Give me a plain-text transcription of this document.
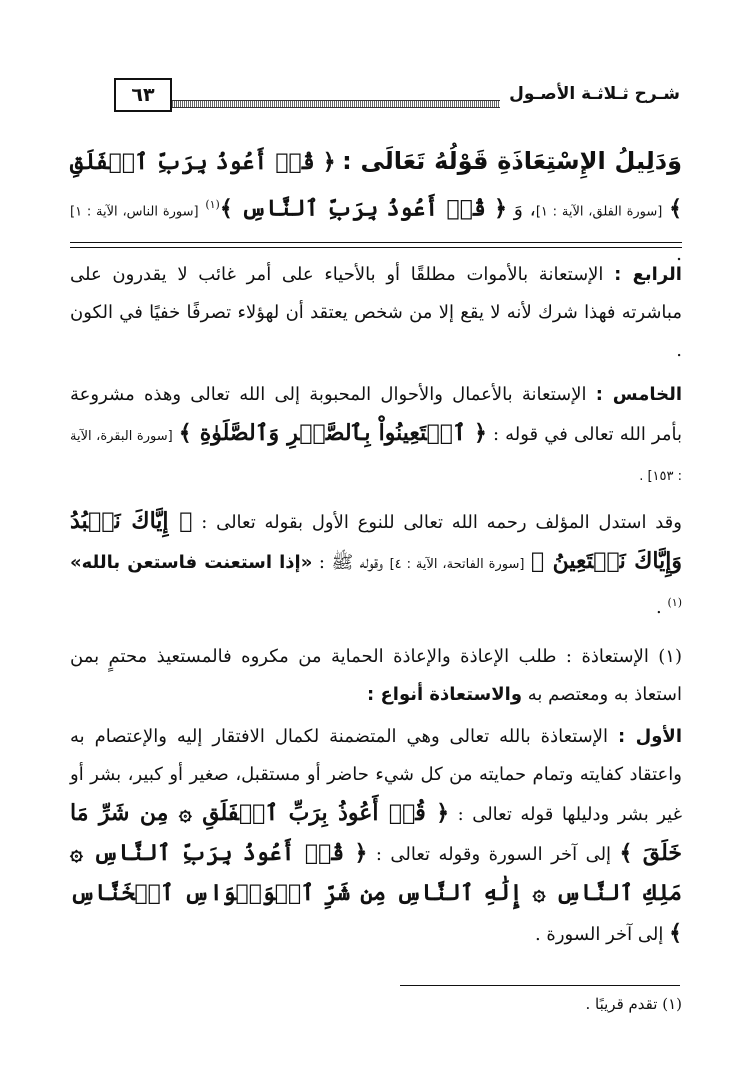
شـرح ثـلاثـة الأصـول
٦٣
وَدَلِيلُ الإِسْتِعَاذَةِ قَوْلُهُ تَعَالَى : ﴿ قُلۡ أَعُوذُ بِرَبِّ ٱلۡفَلَقِ ﴾ [سورة الفلق، الآية : ١]، وَ ﴿ قُلۡ أَعُوذُ بِرَبِّ ٱلنَّاسِ ﴾$^{(١)}$ [سورة الناس، الآية : ١] .

الرابع : الإستعانة بالأموات مطلقًا أو بالأحياء على أمر غائب لا يقدرون على مباشرته فهذا شرك لأنه لا يقع إلا من شخص يعتقد أن لهؤلاء تصرفًا خفيًا في الكون .

الخامس : الإستعانة بالأعمال والأحوال المحبوبة إلى الله تعالى وهذه مشروعة بأمر الله تعالى في قوله : ﴿ ٱسۡتَعِينُواْ بِٱلصَّبۡرِ وَٱلصَّلَوٰةِ ﴾ [سورة البقرة، الآية : ١٥٣] .

وقد استدل المؤلف رحمه الله تعالى للنوع الأول بقوله تعالى : ﴿ إِيَّاكَ نَعۡبُدُ وَإِيَّاكَ نَسۡتَعِينُ ﴾ [سورة الفاتحة، الآية : ٤] وقوله ﷺ : «إذا استعنت فاستعن بالله» $^{(١)}$ .

(١) الإستعاذة : طلب الإعاذة والإعاذة الحماية من مكروه فالمستعيذ محتمٍ بمن استعاذ به ومعتصم به والاستعاذة أنواع :

الأول : الإستعاذة بالله تعالى وهي المتضمنة لكمال الافتقار إليه والإعتصام به واعتقاد كفايته وتمام حمايته من كل شيء حاضر أو مستقبل، صغير أو كبير، بشر أو غير بشر ودليلها قوله تعالى : ﴿ قُلۡ أَعُوذُ بِرَبِّ ٱلۡفَلَقِ ۞ مِن شَرِّ مَا خَلَقَ ﴾ إلى آخر السورة وقوله تعالى : ﴿ قُلۡ أَعُوذُ بِرَبِّ ٱلنَّاسِ ۞ مَلِكِ ٱلنَّاسِ ۞ إِلَٰهِ ٱلنَّاسِ مِن شَرِّ ٱلۡوَسۡوَاسِ ٱلۡخَنَّاسِ ﴾ إلى آخر السورة .

(١) تقدم قريبًا .
